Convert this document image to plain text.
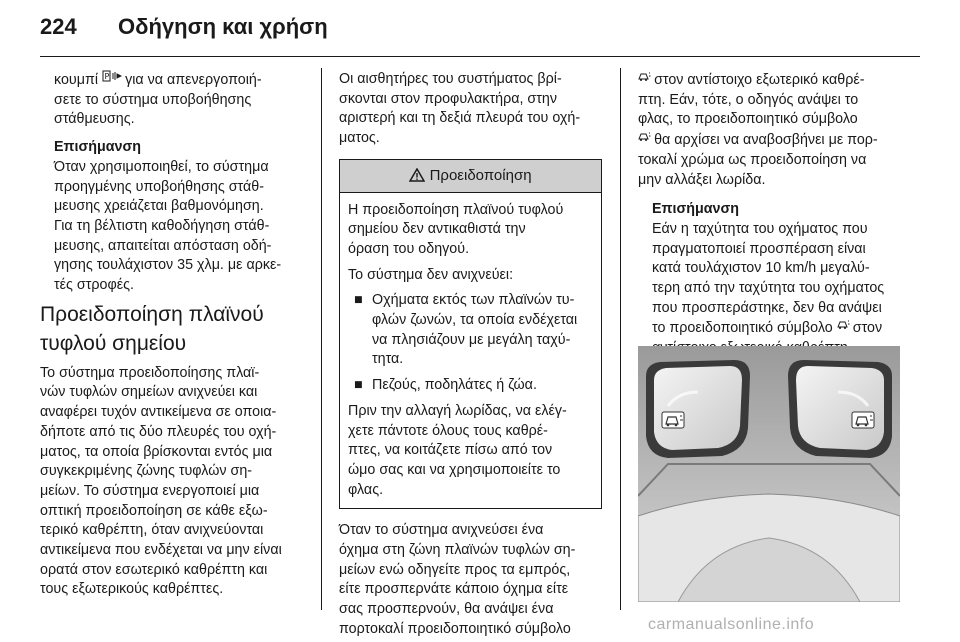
224	Οδήγηση και χρήση
κουμπί P για να απενεργοποιή-
σετε το σύστημα υποβοήθησης
στάθμευσης.
Επισήμανση
Όταν χρησιμοποιηθεί, το σύστημα
προηγμένης υποβοήθησης στάθ-
μευσης χρειάζεται βαθμονόμηση.
Για τη βέλτιστη καθοδήγηση στάθ-
μευσης, απαιτείται απόσταση οδή-
γησης τουλάχιστον 35 χλμ. με αρκε-
τές στροφές.
Προειδοποίηση πλαϊνού
τυφλού σημείου
Το σύστημα προειδοποίησης πλαϊ-
νών τυφλών σημείων ανιχνεύει και
αναφέρει τυχόν αντικείμενα σε οποια-
δήποτε από τις δύο πλευρές του οχή-
ματος, τα οποία βρίσκονται εντός μια
συγκεκριμένης ζώνης τυφλών ση-
μείων. Το σύστημα ενεργοποιεί μια
οπτική προειδοποίηση σε κάθε εξω-
τερικό καθρέπτη, όταν ανιχνεύονται
αντικείμενα που ενδέχεται να μην είναι
ορατά στον εσωτερικό καθρέπτη και
τους εξωτερικούς καθρέπτες.
Οι αισθητήρες του συστήματος βρί-
σκονται στον προφυλακτήρα, στην
αριστερή και τη δεξιά πλευρά του οχή-
ματος.
Προειδοποίηση

Η προειδοποίηση πλαϊνού τυφλού
σημείου δεν αντικαθιστά την
όραση του οδηγού.

Το σύστημα δεν ανιχνεύει:

■ Οχήματα εκτός των πλαϊνών τυ-
φλών ζωνών, τα οποία ενδέχεται
να πλησιάζουν με μεγάλη ταχύ-
τητα.
■ Πεζούς, ποδηλάτες ή ζώα.

Πριν την αλλαγή λωρίδας, να ελέγ-
χετε πάντοτε όλους τους καθρέ-
πτες, να κοιτάζετε πίσω από τον
ώμο σας και να χρησιμοποιείτε το
φλας.

Όταν το σύστημα ανιχνεύσει ένα
όχημα στη ζώνη πλαϊνών τυφλών ση-
μείων ενώ οδηγείτε προς τα εμπρός,
είτε προσπερνάτε κάποιο όχημα είτε
σας προσπερνούν, θα ανάψει ένα
πορτοκαλί προειδοποιητικό σύμβολο
στον αντίστοιχο εξωτερικό καθρέ-
πτη. Εάν, τότε, ο οδηγός ανάψει το
φλας, το προειδοποιητικό σύμβολο
θα αρχίσει να αναβοσβήνει με πορ-
τοκαλί χρώμα ως προειδοποίηση να
μην αλλάξει λωρίδα.
Επισήμανση
Εάν η ταχύτητα του οχήματος που
πραγματοποιεί προσπέραση είναι
κατά τουλάχιστον 10 km/h μεγαλύ-
τερη από την ταχύτητα του οχήματος
που προσπεράστηκε, δεν θα ανάψει
το προειδοποιητικό σύμβολο στον
carmanualsonline.info
